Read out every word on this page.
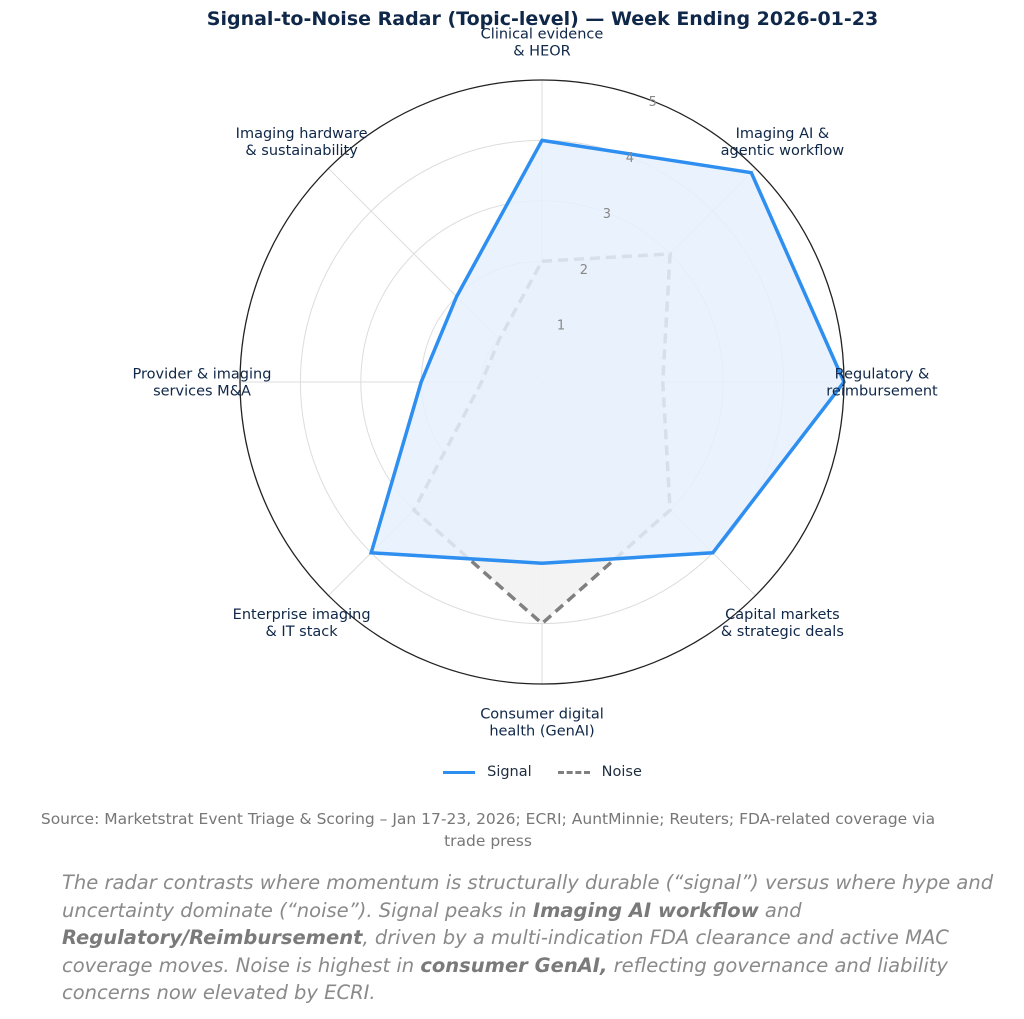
Signal-to-Noise Radar (Topic-level) — Week Ending 2026-01-23
1
2
3
4
5
Clinical evidence & HEOR
Imaging AI & agentic workflow
Regulatory & reimbursement
Capital markets & strategic deals
Consumer digital health (GenAI)
Enterprise imaging & IT stack
Provider & imaging services M&A
Imaging hardware & sustainability
Signal	Noise
Source: Marketstrat Event Triage & Scoring – Jan 17-23, 2026; ECRI; AuntMinnie; Reuters; FDA-related coverage via trade press
The radar contrasts where momentum is structurally durable (“signal”) versus where hype and uncertainty dominate (“noise”). Signal peaks in Imaging AI workflow and Regulatory/Reimbursement, driven by a multi-indication FDA clearance and active MAC coverage moves. Noise is highest in consumer GenAI, reflecting governance and liability concerns now elevated by ECRI.
